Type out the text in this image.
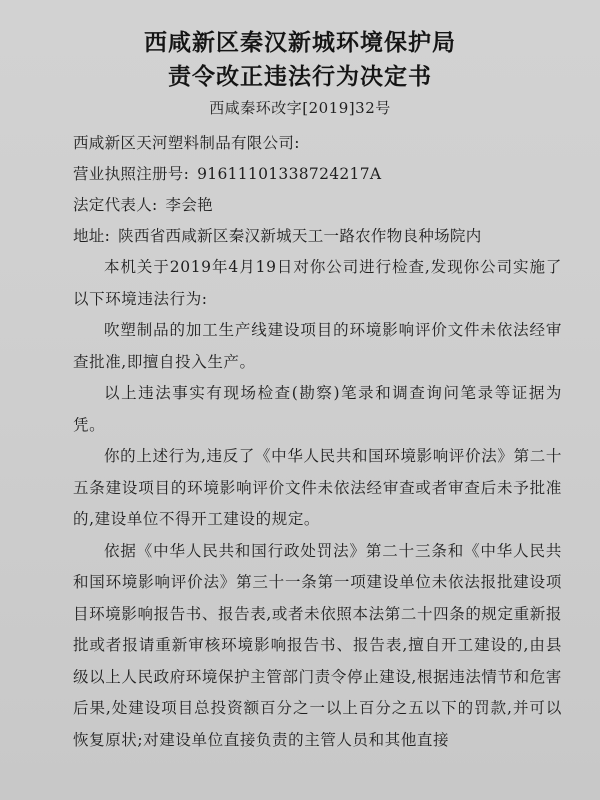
西咸新区秦汉新城环境保护局
责令改正违法行为决定书
西咸秦环改字[2019]32号
西咸新区天河塑料制品有限公司:
营业执照注册号: 91611101338724217A
法定代表人: 李会艳
地址: 陕西省西咸新区秦汉新城天工一路农作物良种场院内

本机关于2019年4月19日对你公司进行检查,发现你公司实施了以下环境违法行为:

吹塑制品的加工生产线建设项目的环境影响评价文件未依法经审查批准,即擅自投入生产。

以上违法事实有现场检查(勘察)笔录和调查询问笔录等证据为凭。

你的上述行为,违反了《中华人民共和国环境影响评价法》第二十五条建设项目的环境影响评价文件未依法经审查或者审查后未予批准的,建设单位不得开工建设的规定。

依据《中华人民共和国行政处罚法》第二十三条和《中华人民共和国环境影响评价法》第三十一条第一项建设单位未依法报批建设项目环境影响报告书、报告表,或者未依照本法第二十四条的规定重新报批或者报请重新审核环境影响报告书、报告表,擅自开工建设的,由县级以上人民政府环境保护主管部门责令停止建设,根据违法情节和危害后果,处建设项目总投资额百分之一以上百分之五以下的罚款,并可以恢复原状;对建设单位直接负责的主管人员和其他直接
